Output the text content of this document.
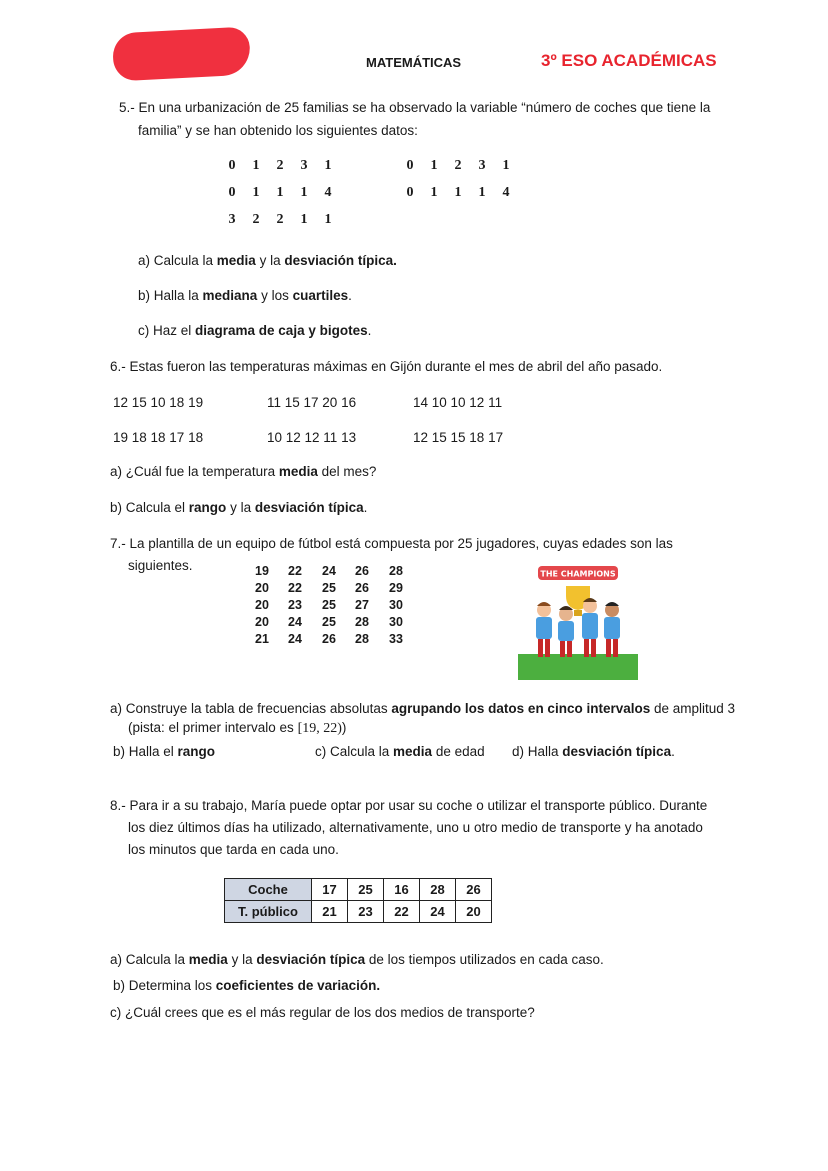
MATEMÁTICAS	3º ESO ACADÉMICAS
5.- En una urbanización de 25 familias se ha observado la variable “número de coches que tiene la
familia” y se han obtenido los siguientes datos:
0 1 2 3 1
0 1 1 1 4
3 2 2 1 1
0 1 2 3 1
0 1 1 1 4
a) Calcula la media y la desviación típica.
b) Halla la mediana y los cuartiles.
c) Haz el diagrama de caja y bigotes.
6.- Estas fueron las temperaturas máximas en Gijón durante el mes de abril del año pasado.
12 15 10 18 19	11 15 17 20 16	14 10 10 12 11
19 18 18 17 18	10 12 12 11 13	12 15 15 18 17
a) ¿Cuál fue la temperatura media del mes?
b) Calcula el rango y la desviación típica.
7.- La plantilla de un equipo de fútbol está compuesta por 25 jugadores, cuyas edades son las
siguientes.	19	22	24	26	28
20	22	25	26	29
20	23	25	27	30
20	24	25	28	30
21	24	26	28	33
THE CHAMPIONS
a) Construye la tabla de frecuencias absolutas agrupando los datos en cinco intervalos de amplitud 3
(pista: el primer intervalo es [19, 22))
b) Halla el rango	c) Calcula la media de edad d) Halla desviación típica.
8.- Para ir a su trabajo, María puede optar por usar su coche o utilizar el transporte público. Durante
los diez últimos días ha utilizado, alternativamente, uno u otro medio de transporte y ha anotado
los minutos que tarda en cada uno.
Coche	17	25	16	28	26
T. público	21	23	22	24	20
a) Calcula la media y la desviación típica de los tiempos utilizados en cada caso.
b) Determina los coeficientes de variación.
c) ¿Cuál crees que es el más regular de los dos medios de transporte?
